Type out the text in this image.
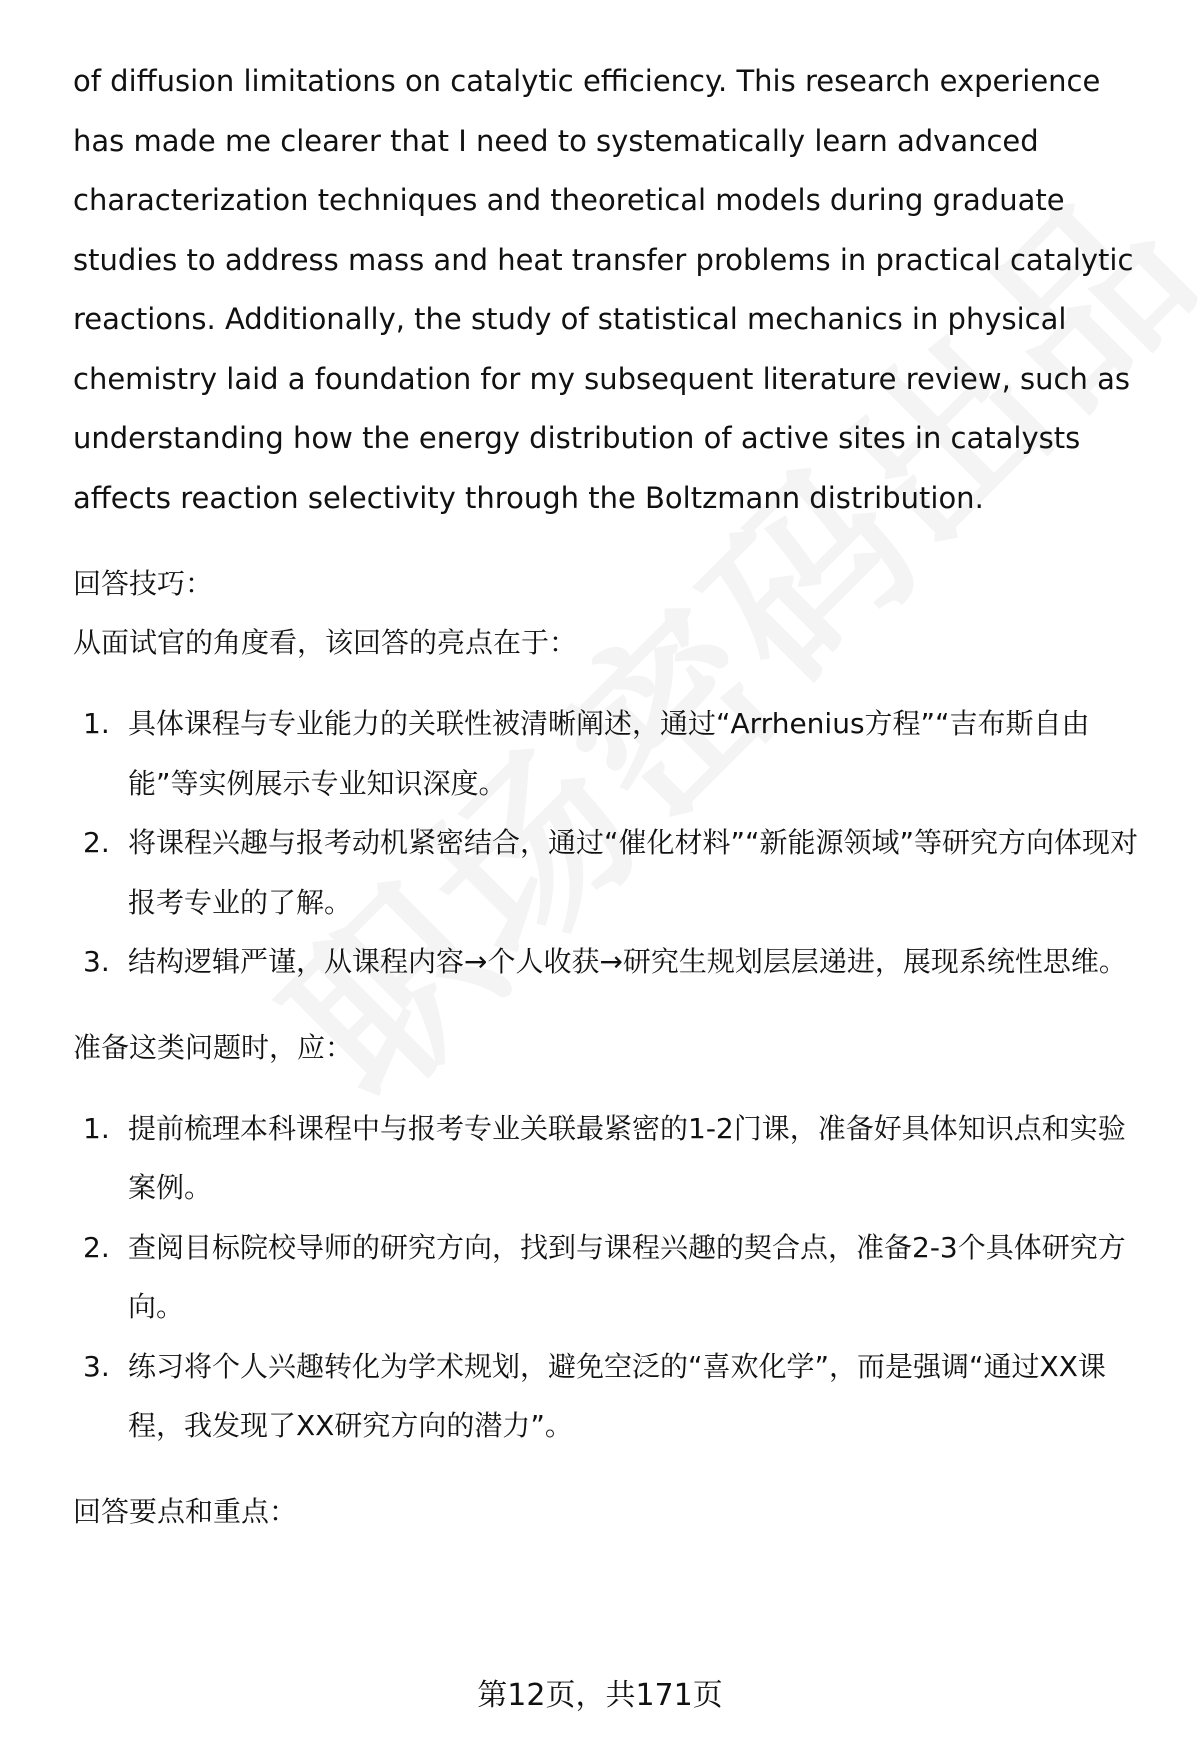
of diffusion limitations on catalytic efficiency. This research experience has made me clearer that I need to systematically learn advanced characterization techniques and theoretical models during graduate studies to address mass and heat transfer problems in practical catalytic reactions. Additionally, the study of statistical mechanics in physical chemistry laid a foundation for my subsequent literature review, such as understanding how the energy distribution of active sites in catalysts affects reaction selectivity through the Boltzmann distribution.

回答技巧：

从面试官的角度看，该回答的亮点在于：

1. 具体课程与专业能力的关联性被清晰阐述，通过“Arrhenius方程”“吉布斯自由能”等实例展示专业知识深度。
2. 将课程兴趣与报考动机紧密结合，通过“催化材料”“新能源领域”等研究方向体现对报考专业的了解。
3. 结构逻辑严谨，从课程内容→个人收获→研究生规划层层递进，展现系统性思维。

准备这类问题时，应：

1. 提前梳理本科课程中与报考专业关联最紧密的1-2门课，准备好具体知识点和实验案例。
2. 查阅目标院校导师的研究方向，找到与课程兴趣的契合点，准备2-3个具体研究方向。
3. 练习将个人兴趣转化为学术规划，避免空泛的“喜欢化学”，而是强调“通过XX课程，我发现了XX研究方向的潜力”。

回答要点和重点：

第12页，共171页
